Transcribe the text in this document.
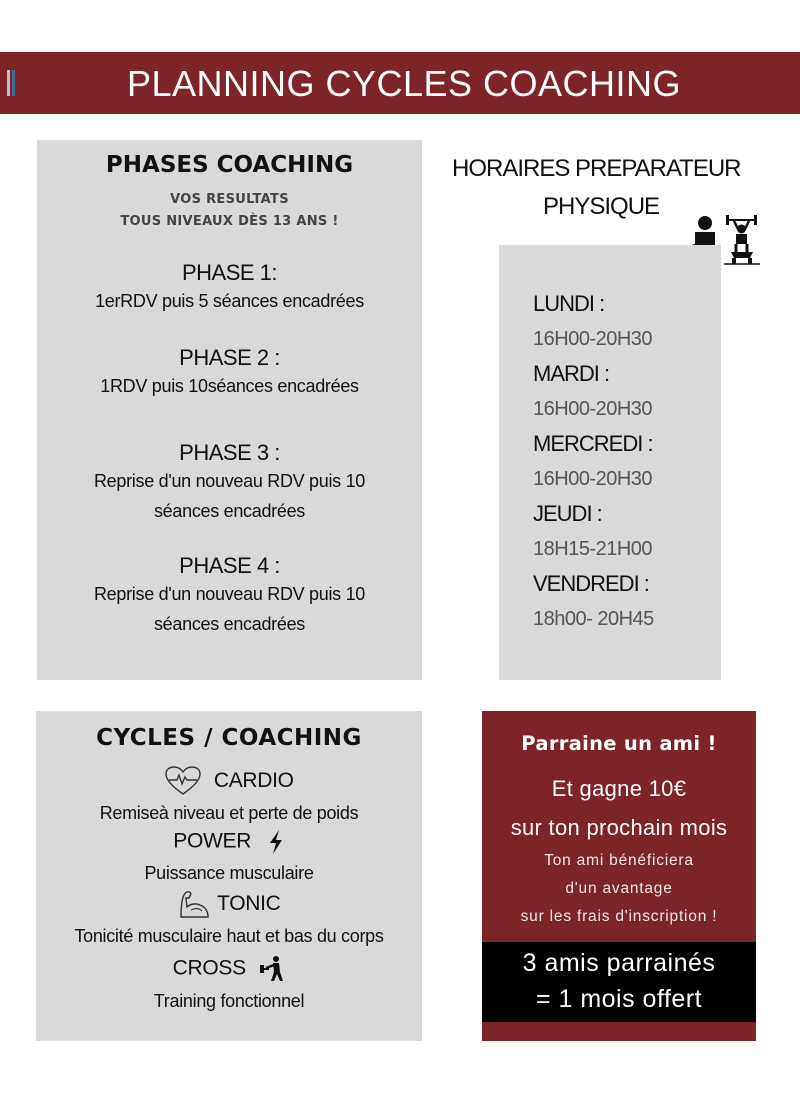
PLANNING CYCLES COACHING
PHASES COACHING
VOS RESULTATS
TOUS NIVEAUX DÈS 13 ANS !
PHASE 1:
1erRDV puis 5 séances encadrées
PHASE 2 :
1RDV puis 10séances encadrées
PHASE 3 :
Reprise d'un nouveau RDV puis 10
séances encadrées
PHASE 4 :
Reprise d'un nouveau RDV puis 10
séances encadrées
HORAIRES PREPARATEUR
PHYSIQUE
LUNDI :
16H00-20H30
MARDI :
16H00-20H30
MERCREDI :
16H00-20H30
JEUDI :
18H15-21H00
VENDREDI :
18h00- 20H45
CYCLES / COACHING
CARDIO
Remiseà niveau et perte de poids
POWER
Puissance musculaire
TONIC
Tonicité musculaire haut et bas du corps
CROSS
Training fonctionnel
Parraine un ami !
Et gagne 10€
sur ton prochain mois
Ton ami bénéficiera
d'un avantage
sur les frais d'inscription !
3 amis parrainés
= 1 mois offert
